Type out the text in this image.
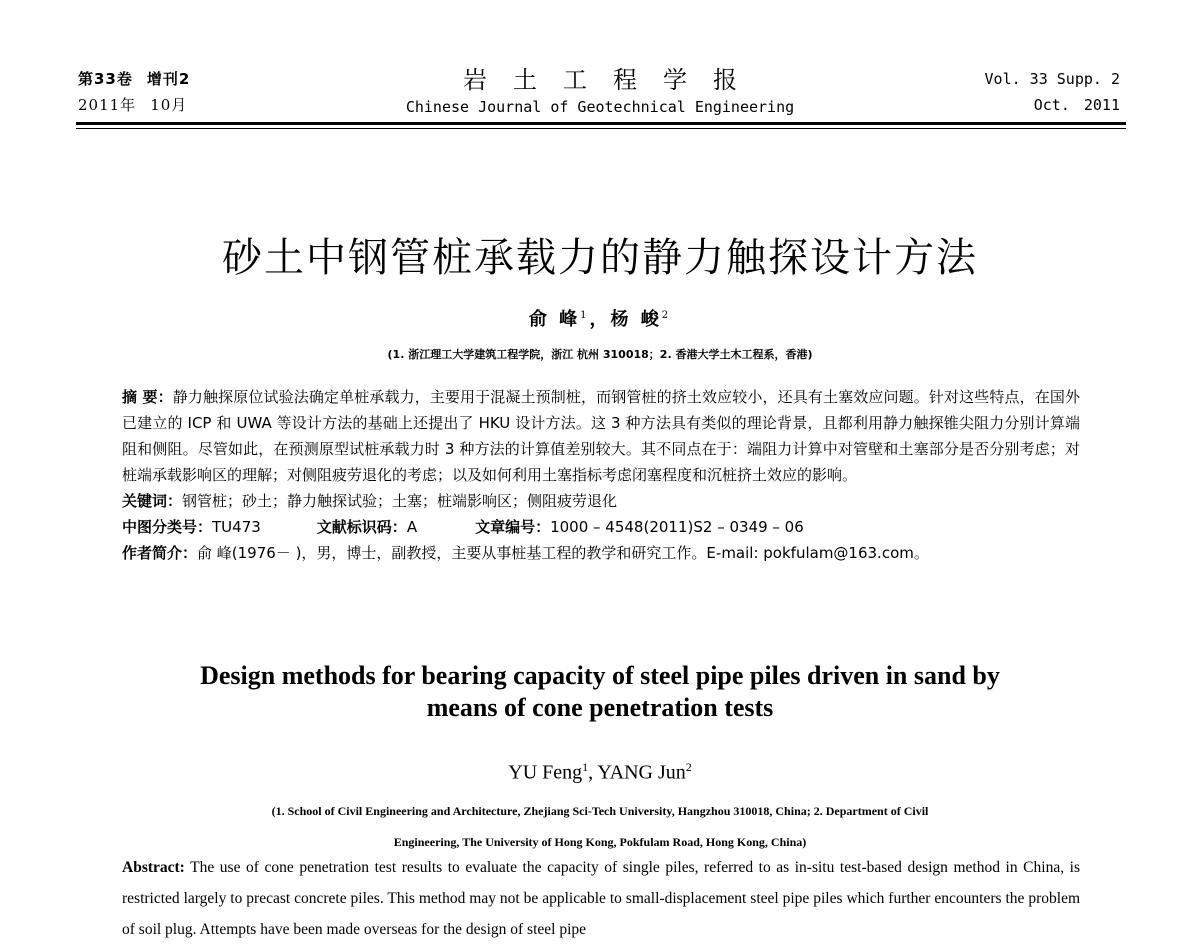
第33卷 增刊2
2011年 10月
岩土工程学报
Chinese Journal of Geotechnical Engineering
Vol. 33 Supp. 2
Oct. 2011
砂土中钢管桩承载力的静力触探设计方法
俞 峰$^1$，杨 峻$^2$
(1. 浙江理工大学建筑工程学院，浙江 杭州 310018；2. 香港大学土木工程系，香港)

摘 要：静力触探原位试验法确定单桩承载力，主要用于混凝土预制桩，而钢管桩的挤土效应较小，还具有土塞效应问题。针对这些特点，在国外已建立的 ICP 和 UWA 等设计方法的基础上还提出了 HKU 设计方法。这 3 种方法具有类似的理论背景，且都利用静力触探锥尖阻力分别计算端阻和侧阻。尽管如此，在预测原型试桩承载力时 3 种方法的计算值差别较大。其不同点在于：端阻力计算中对管壁和土塞部分是否分别考虑；对桩端承载影响区的理解；对侧阻疲劳退化的考虑；以及如何利用土塞指标考虑闭塞程度和沉桩挤土效应的影响。

关键词：钢管桩；砂土；静力触探试验；土塞；桩端影响区；侧阻疲劳退化

中图分类号：TU473	文献标识码：A	文章编号：1000 – 4548(2011)S2 – 0349 – 06

作者简介：俞 峰(1976－ )，男，博士，副教授，主要从事桩基工程的教学和研究工作。E-mail: pokfulam@163.com。

Design methods for bearing capacity of steel pipe piles driven in sand by
means of cone penetration tests
YU Feng$^1$, YANG Jun$^2$
(1. School of Civil Engineering and Architecture, Zhejiang Sci-Tech University, Hangzhou 310018, China; 2. Department of Civil
Engineering, The University of Hong Kong, Pokfulam Road, Hong Kong, China)

Abstract: The use of cone penetration test results to evaluate the capacity of single piles, referred to as in-situ test-based design method in China, is restricted largely to precast concrete piles. This method may not be applicable to small-displacement steel pipe piles which further encounters the problem of soil plug. Attempts have been made overseas for the design of steel pipe
